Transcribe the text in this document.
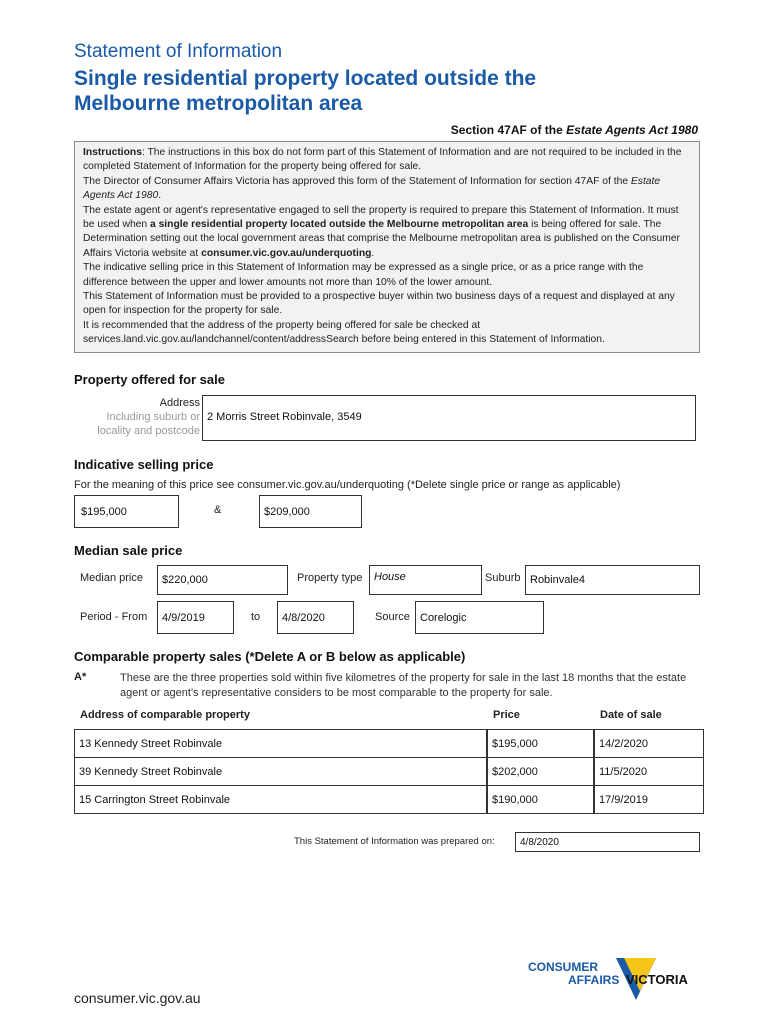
Statement of Information
Single residential property located outside the
Melbourne metropolitan area
Section 47AF of the Estate Agents Act 1980

Instructions: The instructions in this box do not form part of this Statement of Information and are not required to be included in the completed Statement of Information for the property being offered for sale.

The Director of Consumer Affairs Victoria has approved this form of the Statement of Information for section 47AF of the Estate Agents Act 1980.

The estate agent or agent's representative engaged to sell the property is required to prepare this Statement of Information. It must be used when a single residential property located outside the Melbourne metropolitan area is being offered for sale. The Determination setting out the local government areas that comprise the Melbourne metropolitan area is published on the Consumer Affairs Victoria website at consumer.vic.gov.au/underquoting.

The indicative selling price in this Statement of Information may be expressed as a single price, or as a price range with the difference between the upper and lower amounts not more than 10% of the lower amount.

This Statement of Information must be provided to a prospective buyer within two business days of a request and displayed at any open for inspection for the property for sale.

It is recommended that the address of the property being offered for sale be checked at services.land.vic.gov.au/landchannel/content/addressSearch before being entered in this Statement of Information.

Property offered for sale
Address
Including suburb or
locality and postcode
2 Morris Street Robinvale, 3549
Indicative selling price
For the meaning of this price see consumer.vic.gov.au/underquoting (*Delete single price or range as applicable)
$195,000	&	$209,000
Median sale price
Median price	$220,000	Property type	House	Suburb Robinvale4
Period - From	4/9/2019	to	4/8/2020	Source Corelogic
Comparable property sales (*Delete A or B below as applicable)
A*	These are the three properties sold within five kilometres of the property for sale in the last 18 months that the estate agent or agent's representative considers to be most comparable to the property for sale.
Address of comparable property	Price	Date of sale
13 Kennedy Street Robinvale	$195,000	14/2/2020
39 Kennedy Street Robinvale	$202,000	11/5/2020
15 Carrington Street Robinvale	$190,000	17/9/2019
This Statement of Information was prepared on:	4/8/2020
consumer.vic.gov.au
CONSUMER
AFFAIRS VICTORIA
